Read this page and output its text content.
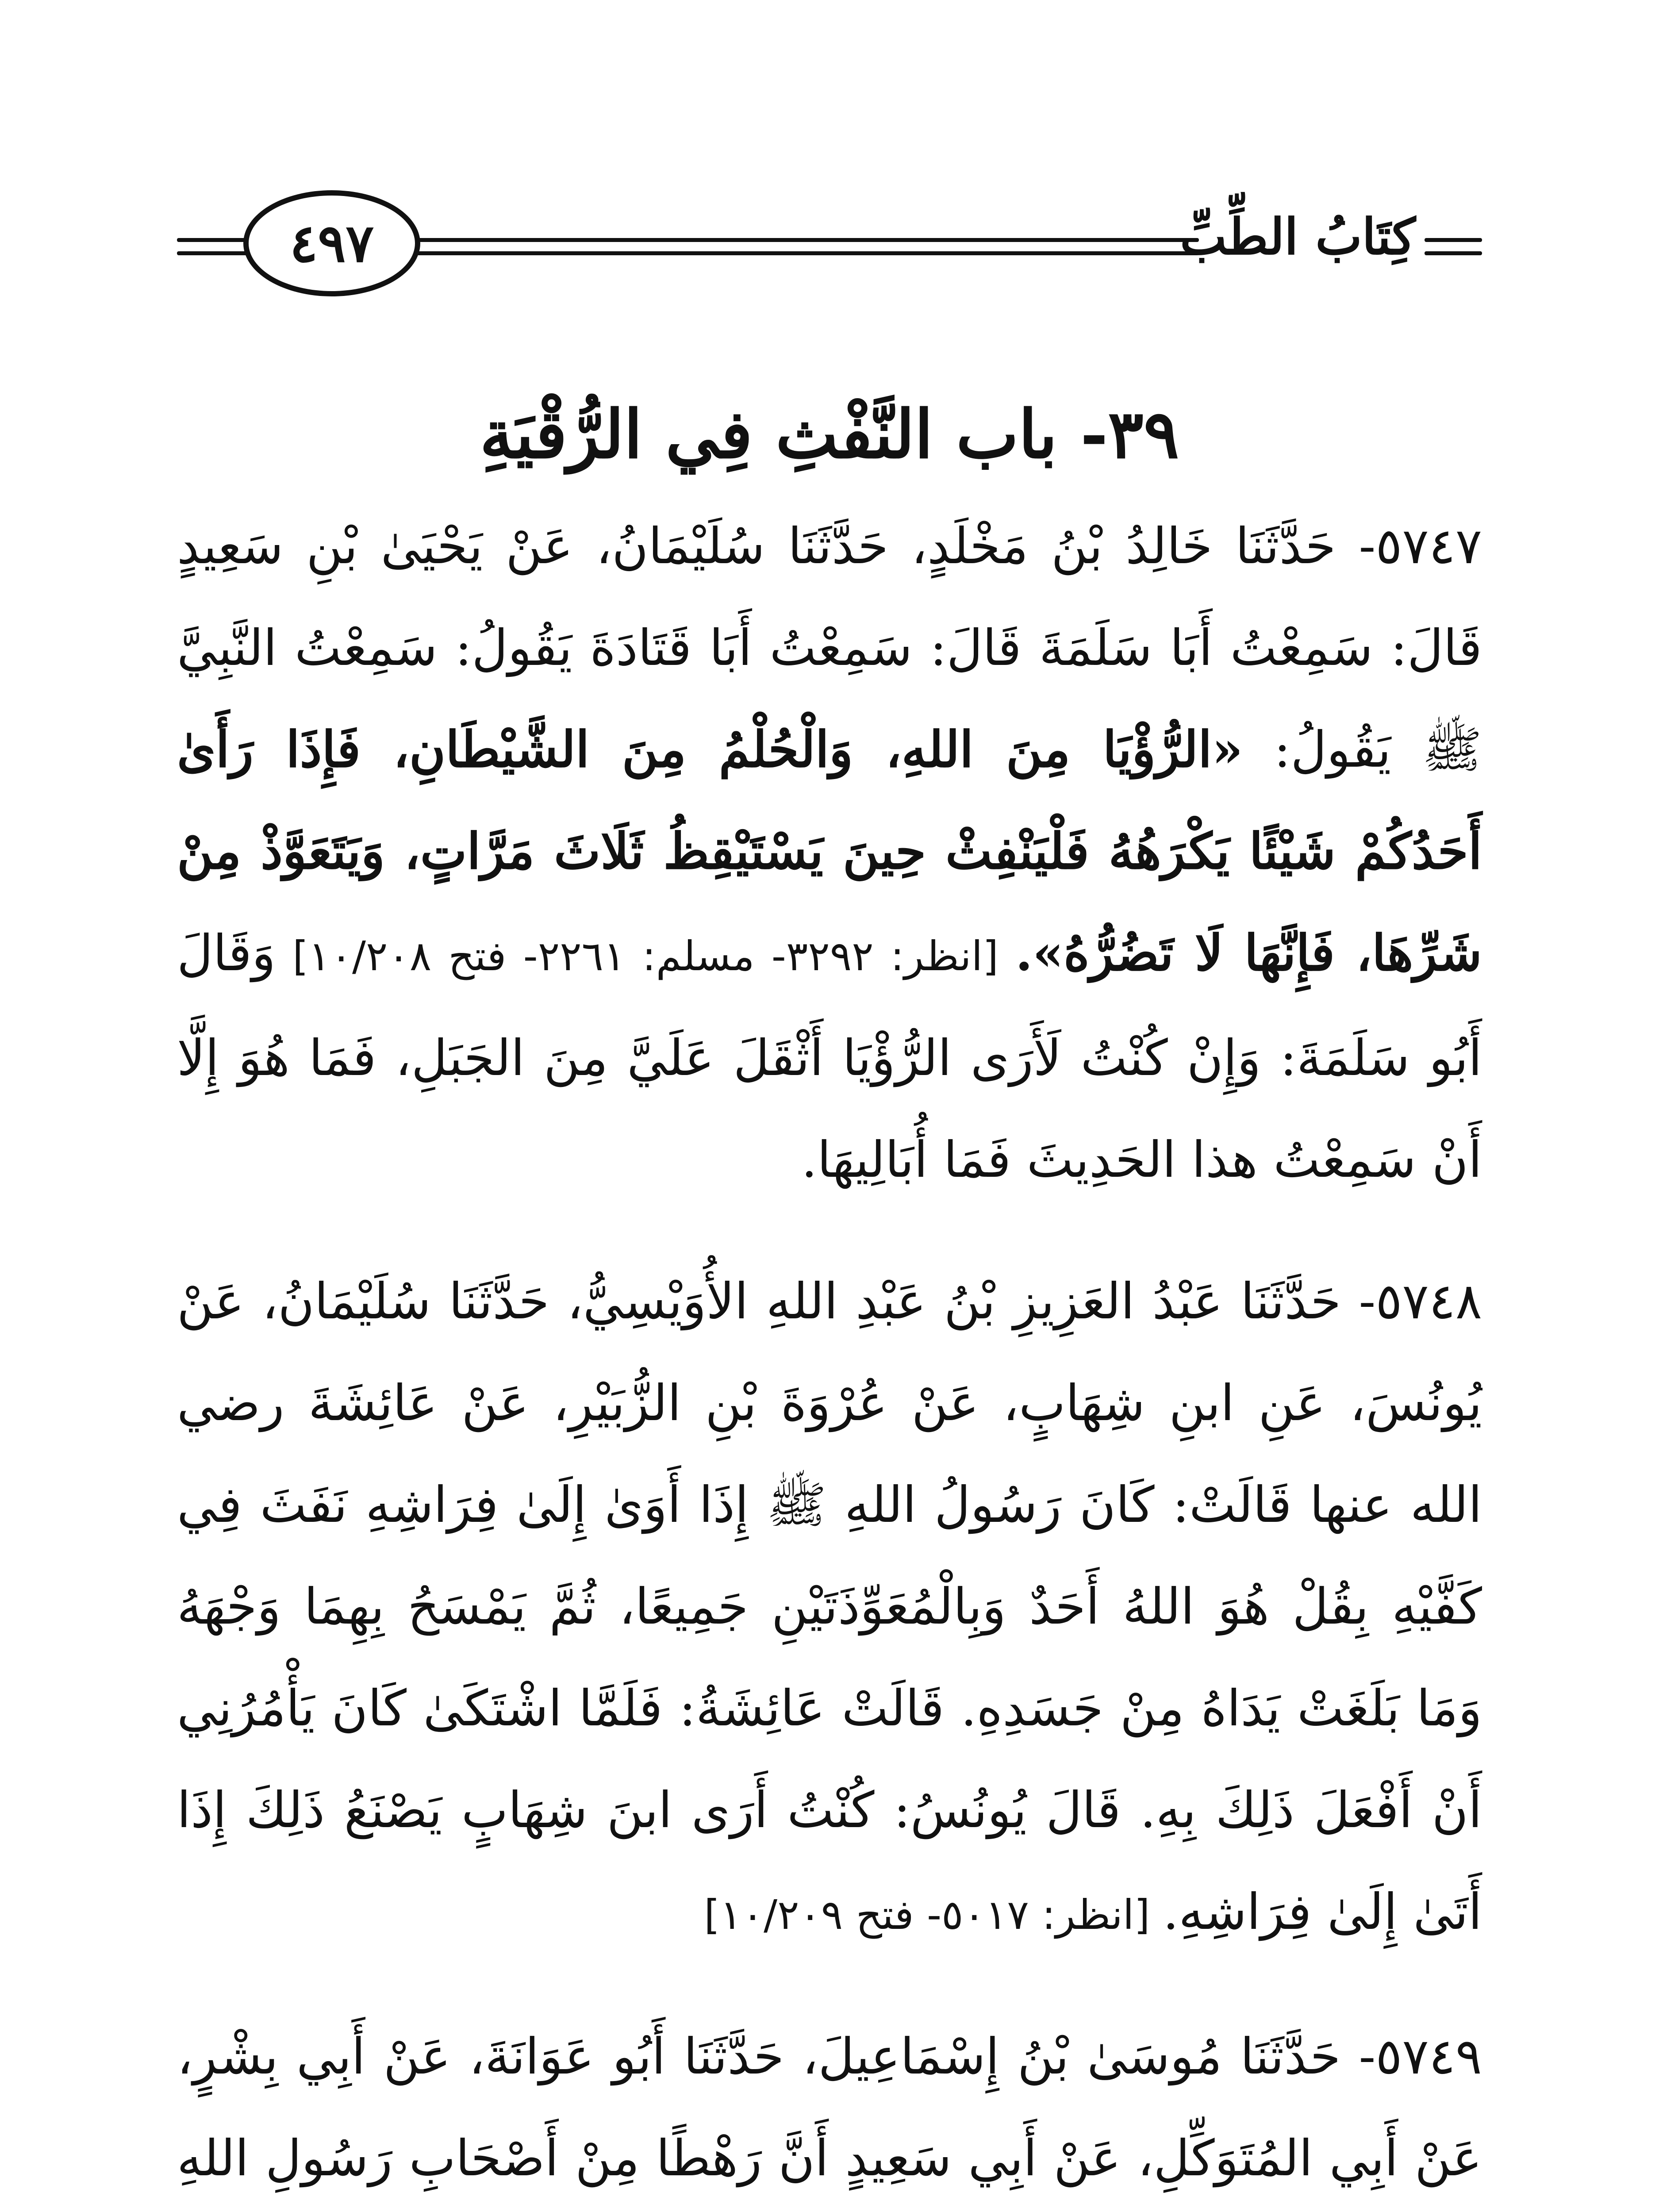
كِتَابُ الطِّبِّ
٤٩٧
٣٩- باب النَّفْثِ فِي الرُّقْيَةِ

٥٧٤٧- حَدَّثَنَا خَالِدُ بْنُ مَخْلَدٍ، حَدَّثَنَا سُلَيْمَانُ، عَنْ يَحْيَىٰ بْنِ سَعِيدٍ قَالَ: سَمِعْتُ أَبَا سَلَمَةَ قَالَ: سَمِعْتُ أَبَا قَتَادَةَ يَقُولُ: سَمِعْتُ النَّبِيَّ ﷺ يَقُولُ: «الرُّؤْيَا مِنَ اللهِ، وَالْحُلْمُ مِنَ الشَّيْطَانِ، فَإِذَا رَأَىٰ أَحَدُكُمْ شَيْئًا يَكْرَهُهُ فَلْيَنْفِثْ حِينَ يَسْتَيْقِظُ ثَلَاثَ مَرَّاتٍ، وَيَتَعَوَّذْ مِنْ شَرِّهَا، فَإِنَّهَا لَا تَضُرُّهُ». [انظر: ٣٢٩٢- مسلم: ٢٢٦١- فتح ١٠/٢٠٨] وَقَالَ أَبُو سَلَمَةَ: وَإِنْ كُنْتُ لَأَرَى الرُّؤْيَا أَثْقَلَ عَلَيَّ مِنَ الجَبَلِ، فَمَا هُوَ إِلَّا أَنْ سَمِعْتُ هذا الحَدِيثَ فَمَا أُبَالِيهَا.

٥٧٤٨- حَدَّثَنَا عَبْدُ العَزِيزِ بْنُ عَبْدِ اللهِ الأُوَيْسِيُّ، حَدَّثَنَا سُلَيْمَانُ، عَنْ يُونُسَ، عَنِ ابنِ شِهَابٍ، عَنْ عُرْوَةَ بْنِ الزُّبَيْرِ، عَنْ عَائِشَةَ رضي الله عنها قَالَتْ: كَانَ رَسُولُ اللهِ ﷺ إِذَا أَوَىٰ إِلَىٰ فِرَاشِهِ نَفَثَ فِي كَفَّيْهِ بِقُلْ هُوَ اللهُ أَحَدٌ وَبِالْمُعَوِّذَتَيْنِ جَمِيعًا، ثُمَّ يَمْسَحُ بِهِمَا وَجْهَهُ وَمَا بَلَغَتْ يَدَاهُ مِنْ جَسَدِهِ. قَالَتْ عَائِشَةُ: فَلَمَّا اشْتَكَىٰ كَانَ يَأْمُرُنِي أَنْ أَفْعَلَ ذَلِكَ بِهِ. قَالَ يُونُسُ: كُنْتُ أَرَى ابنَ شِهَابٍ يَصْنَعُ ذَلِكَ إِذَا أَتَىٰ إِلَىٰ فِرَاشِهِ. [انظر: ٥٠١٧- فتح ١٠/٢٠٩]

٥٧٤٩- حَدَّثَنَا مُوسَىٰ بْنُ إِسْمَاعِيلَ، حَدَّثَنَا أَبُو عَوَانَةَ، عَنْ أَبِي بِشْرٍ، عَنْ أَبِي المُتَوَكِّلِ، عَنْ أَبِي سَعِيدٍ أَنَّ رَهْطًا مِنْ أَصْحَابِ رَسُولِ اللهِ
